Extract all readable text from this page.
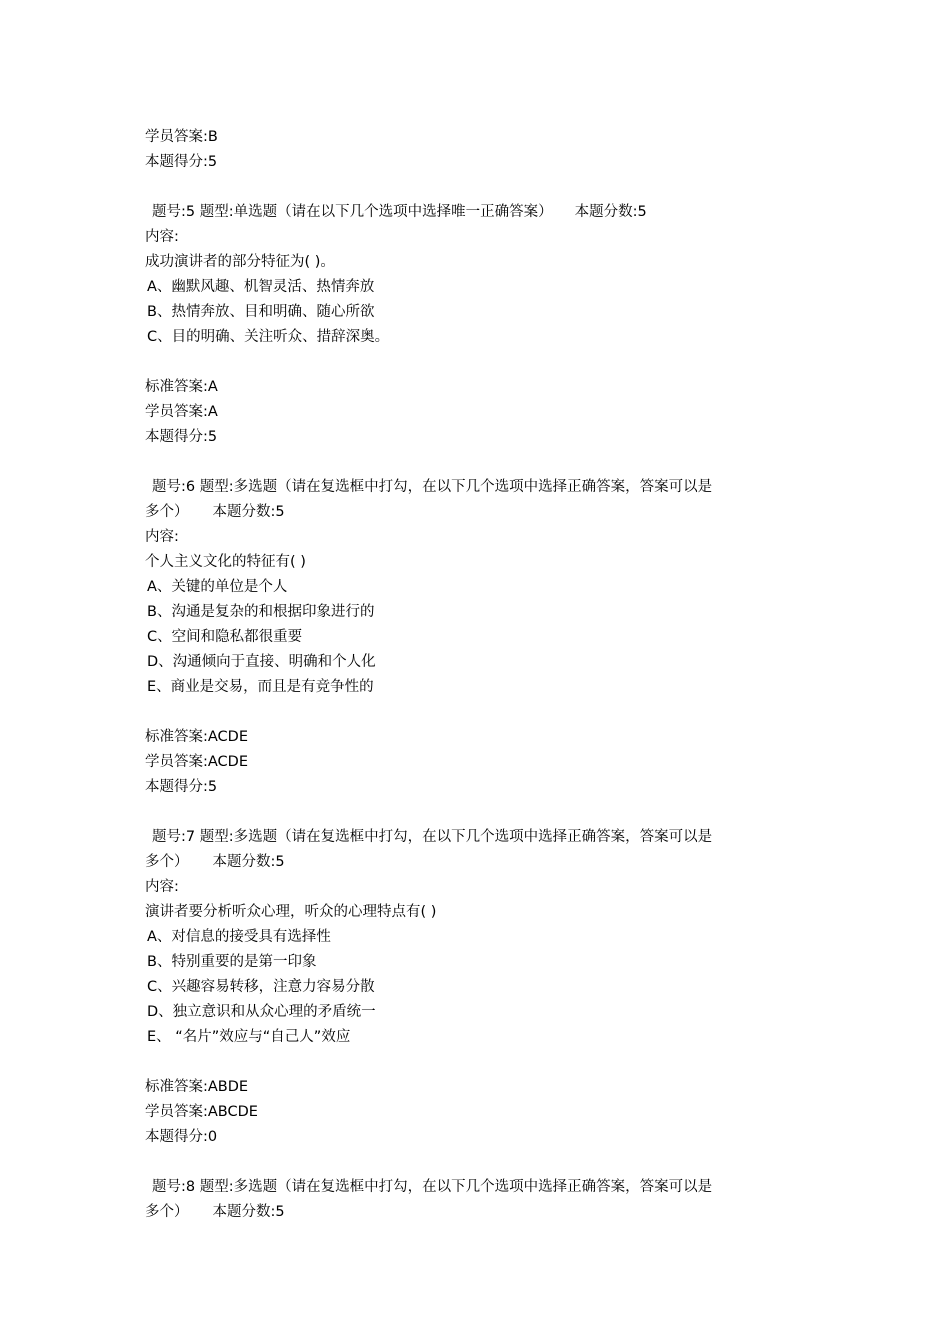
学员答案:B
本题得分:5
题号:5 题型:单选题（请在以下几个选项中选择唯一正确答案） 本题分数:5
内容:
成功演讲者的部分特征为( )。
A、幽默风趣、机智灵活、热情奔放
B、热情奔放、目和明确、随心所欲
C、目的明确、关注听众、措辞深奥。
标准答案:A
学员答案:A
本题得分:5
题号:6 题型:多选题（请在复选框中打勾，在以下几个选项中选择正确答案，答案可以是
多个） 本题分数:5
内容:
个人主义文化的特征有( )
A、关键的单位是个人
B、沟通是复杂的和根据印象进行的
C、空间和隐私都很重要
D、沟通倾向于直接、明确和个人化
E、商业是交易，而且是有竞争性的
标准答案:ACDE
学员答案:ACDE
本题得分:5
题号:7 题型:多选题（请在复选框中打勾，在以下几个选项中选择正确答案，答案可以是
多个） 本题分数:5
内容:
演讲者要分析听众心理，听众的心理特点有( )
A、对信息的接受具有选择性
B、特别重要的是第一印象
C、兴趣容易转移，注意力容易分散
D、独立意识和从众心理的矛盾统一
E、 “名片”效应与“自己人”效应
标准答案:ABDE
学员答案:ABCDE
本题得分:0
题号:8 题型:多选题（请在复选框中打勾，在以下几个选项中选择正确答案，答案可以是
多个） 本题分数:5
